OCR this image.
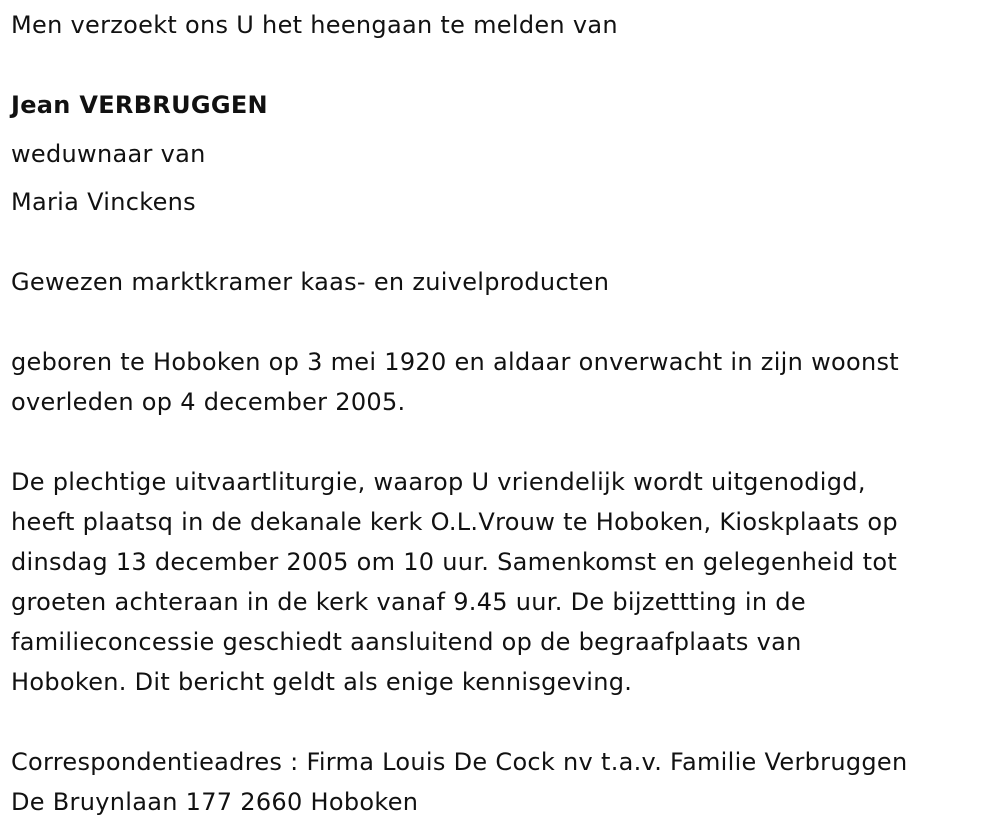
Men verzoekt ons U het heengaan te melden van
Jean VERBRUGGEN
weduwnaar van
Maria Vinckens
Gewezen marktkramer kaas- en zuivelproducten
geboren te Hoboken op 3 mei 1920 en aldaar onverwacht in zijn woonst
overleden op 4 december 2005.
De plechtige uitvaartliturgie, waarop U vriendelijk wordt uitgenodigd,
heeft plaatsq in de dekanale kerk O.L.Vrouw te Hoboken, Kioskplaats op
dinsdag 13 december 2005 om 10 uur. Samenkomst en gelegenheid tot
groeten achteraan in de kerk vanaf 9.45 uur. De bijzettting in de
familieconcessie geschiedt aansluitend op de begraafplaats van
Hoboken. Dit bericht geldt als enige kennisgeving.
Correspondentieadres : Firma Louis De Cock nv t.a.v. Familie Verbruggen
De Bruynlaan 177 2660 Hoboken
